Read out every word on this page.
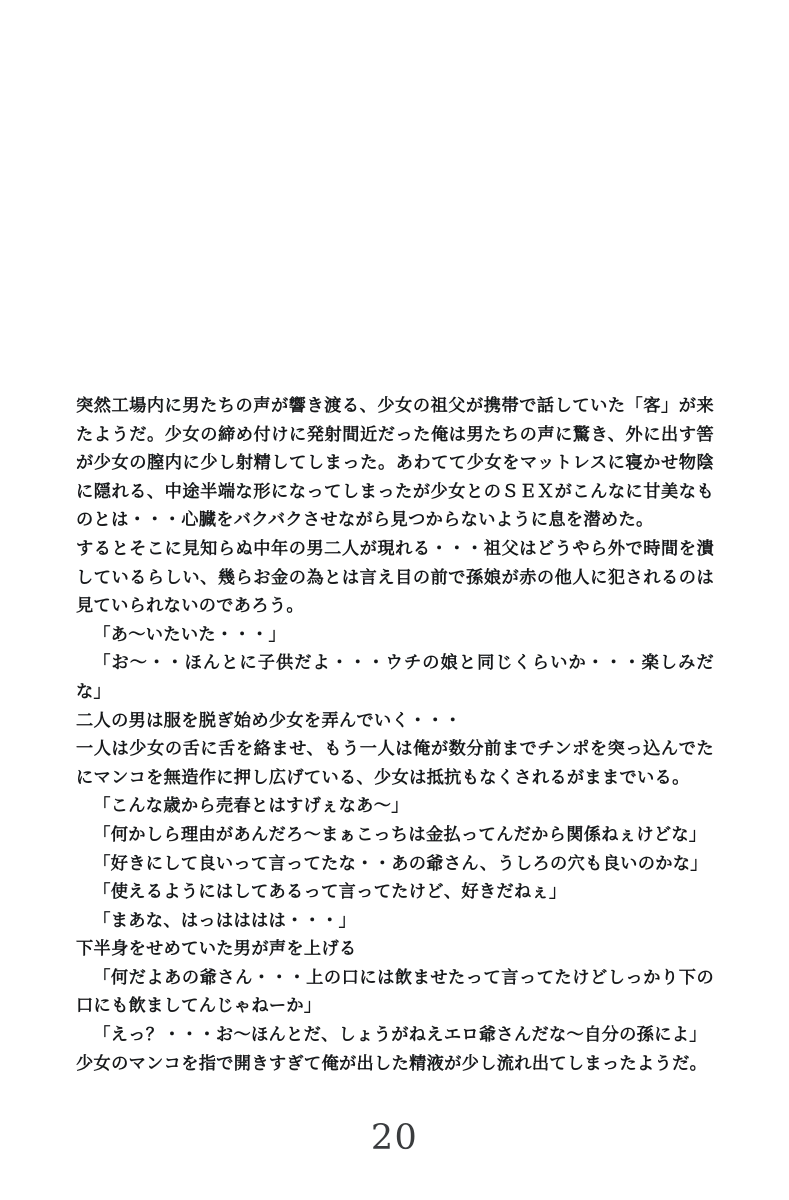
突然工場内に男たちの声が響き渡る、少女の祖父が携帯で話していた「客」が来たようだ。少女の締め付けに発射間近だった俺は男たちの声に驚き、外に出す筈が少女の膣内に少し射精してしまった。あわてて少女をマットレスに寝かせ物陰に隠れる、中途半端な形になってしまったが少女とのＳＥＸがこんなに甘美なものとは・・・心臓をバクバクさせながら見つからないように息を潜めた。

するとそこに見知らぬ中年の男二人が現れる・・・祖父はどうやら外で時間を潰しているらしい、幾らお金の為とは言え目の前で孫娘が赤の他人に犯されるのは見ていられないのであろう。

「あ〜いたいた・・・」

「お〜・・ほんとに子供だよ・・・ウチの娘と同じくらいか・・・楽しみだな」

二人の男は服を脱ぎ始め少女を弄んでいく・・・

一人は少女の舌に舌を絡ませ、もう一人は俺が数分前までチンポを突っ込んでたにマンコを無造作に押し広げている、少女は抵抗もなくされるがままでいる。

「こんな歳から売春とはすげぇなあ〜」

「何かしら理由があんだろ〜まぁこっちは金払ってんだから関係ねぇけどな」

「好きにして良いって言ってたな・・あの爺さん、うしろの穴も良いのかな」

「使えるようにはしてあるって言ってたけど、好きだねぇ」

「まあな、はっはははは・・・」

下半身をせめていた男が声を上げる

「何だよあの爺さん・・・上の口には飲ませたって言ってたけどしっかり下の口にも飲ましてんじゃねーか」

「えっ？・・・お〜ほんとだ、しょうがねえエロ爺さんだな〜自分の孫によ」

少女のマンコを指で開きすぎて俺が出した精液が少し流れ出てしまったようだ。

20
